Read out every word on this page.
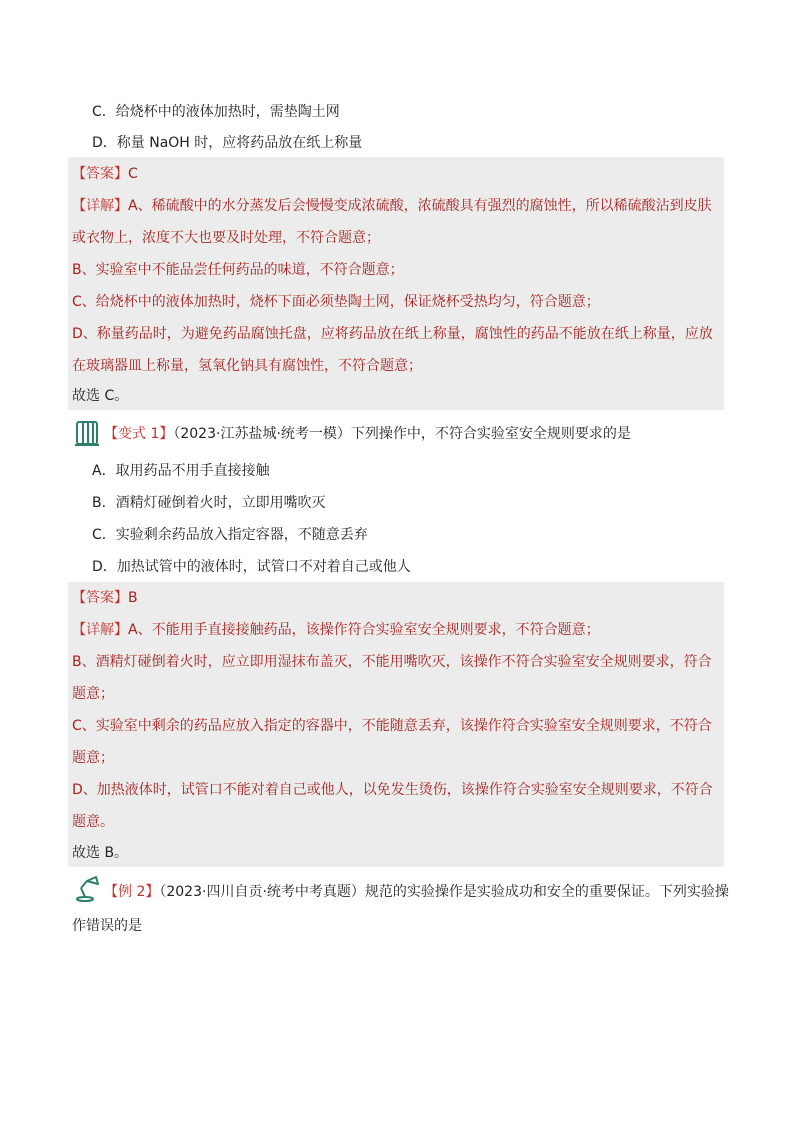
C．给烧杯中的液体加热时，需垫陶土网
D．称量 NaOH 时，应将药品放在纸上称量
【答案】C
【详解】A、稀硫酸中的水分蒸发后会慢慢变成浓硫酸，浓硫酸具有强烈的腐蚀性，所以稀硫酸沾到皮肤
或衣物上，浓度不大也要及时处理，不符合题意；
B、实验室中不能品尝任何药品的味道，不符合题意；
C、给烧杯中的液体加热时，烧杯下面必须垫陶土网，保证烧杯受热均匀，符合题意；
D、称量药品时，为避免药品腐蚀托盘，应将药品放在纸上称量，腐蚀性的药品不能放在纸上称量，应放
在玻璃器皿上称量，氢氧化钠具有腐蚀性，不符合题意；
故选 C。
【变式 1】（2023·江苏盐城·统考一模）下列操作中，不符合实验室安全规则要求的是
A．取用药品不用手直接接触
B．酒精灯碰倒着火时，立即用嘴吹灭
C．实验剩余药品放入指定容器，不随意丢弃
D．加热试管中的液体时，试管口不对着自己或他人
【答案】B
【详解】A、不能用手直接接触药品，该操作符合实验室安全规则要求，不符合题意；
B、酒精灯碰倒着火时，应立即用湿抹布盖灭，不能用嘴吹灭，该操作不符合实验室安全规则要求，符合
题意；
C、实验室中剩余的药品应放入指定的容器中，不能随意丢弃，该操作符合实验室安全规则要求，不符合
题意；
D、加热液体时，试管口不能对着自己或他人，以免发生烫伤，该操作符合实验室安全规则要求，不符合
题意。
故选 B。
【例 2】（2023·四川自贡·统考中考真题）规范的实验操作是实验成功和安全的重要保证。下列实验操
作错误的是
